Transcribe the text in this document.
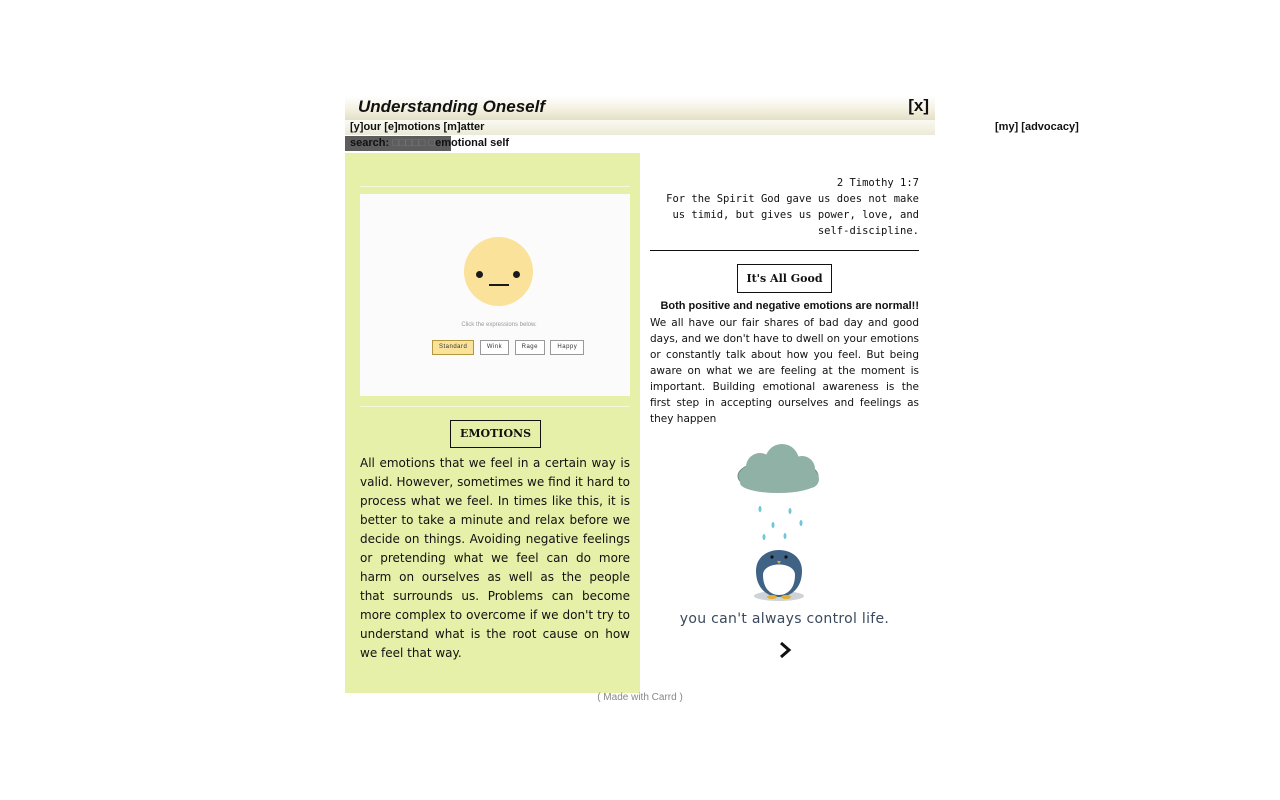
Understanding Oneself	[x]
[y]our [e]motions [m]atter	[my] [advocacy]
search: □□□□□ □emotional self
Click the expressions below.
Standard	Wink	Rage	Happy
EMOTIONS
All emotions that we feel in a certain way is valid. However, sometimes we find it hard to process what we feel. In times like this, it is better to take a minute and relax before we decide on things. Avoiding negative feelings or pretending what we feel can do more harm on ourselves as well as the people that surrounds us. Problems can become more complex to overcome if we don't try to understand what is the root cause on how we feel that way.
2 Timothy 1:7
For the Spirit God gave us does not make us timid, but gives us power, love, and self-discipline.
It's All Good
Both positive and negative emotions are normal!!
We all have our fair shares of bad day and good days, and we don't have to dwell on your emotions or constantly talk about how you feel. But being aware on what we are feeling at the moment is important. Building emotional awareness is the first step in accepting ourselves and feelings as they happen
you can't always control life.
( Made with Carrd )
